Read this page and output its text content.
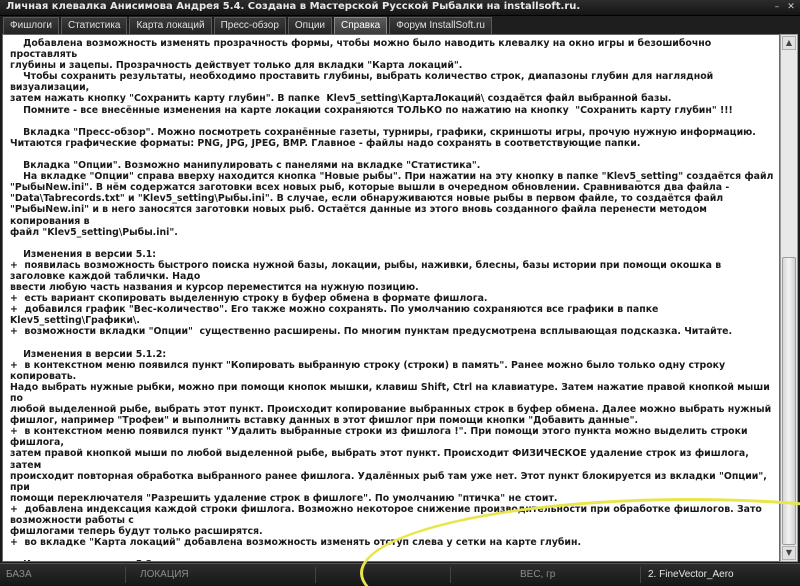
Личная клевалка Анисимова Андрея 5.4. Создана в Мастерской Русской Рыбалки на installsoft.ru.	– ✕
Фишлоги	Статистика	Карта локаций	Пресс-обзор	Опции	Справка	Форум InstallSoft.ru
Добавлена возможность изменять прозрачность формы, чтобы можно было наводить клевалку на окно игры и безошибочно проставлять
глубины и зацепы. Прозрачность действует только для вкладки "Карта локаций".
Чтобы сохранить результаты, необходимо проставить глубины, выбрать количество строк, диапазоны глубин для наглядной визуализации,
затем нажать кнопку "Сохранить карту глубин". В папке  Klev5_setting\КартаЛокаций\ создаётся файл выбранной базы.
Помните - все внесённые изменения на карте локации сохраняются ТОЛЬКО по нажатию на кнопку  "Сохранить карту глубин" !!!

Вкладка "Пресс-обзор". Можно посмотреть сохранённые газеты, турниры, графики, скриншоты игры, прочую нужную информацию.
Читаются графические форматы: PNG, JPG, JPEG, BMP. Главное - файлы надо сохранять в соответствующие папки.

Вкладка "Опции". Возможно манипулировать с панелями на вкладке "Статистика".
На вкладке "Опции" справа вверху находится кнопка "Новые рыбы". При нажатии на эту кнопку в папке "Klev5_setting" создаётся файл
"РыбыNew.ini". В нём содержатся заготовки всех новых рыб, которые вышли в очередном обновлении. Сравниваются два файла -
"Data\Tabrecords.txt" и "Klev5_setting\Рыбы.ini". В случае, если обнаруживаются новые рыбы в первом файле, то создаётся файл
"РыбыNew.ini" и в него заносятся заготовки новых рыб. Остаётся данные из этого вновь созданного файла перенести методом копирования в
файл "Klev5_setting\Рыбы.ini".

Изменения в версии 5.1:
+  появилась возможность быстрого поиска нужной базы, локации, рыбы, наживки, блесны, базы истории при помощи окошка в заголовке каждой таблички. Надо
ввести любую часть названия и курсор переместится на нужную позицию.
+  есть вариант скопировать выделенную строку в буфер обмена в формате фишлога.
+  добавился график "Вес-количество". Его также можно сохранять. По умолчанию сохраняются все графики в папке Klev5_setting\Графики\.
+  возможности вкладки "Опции"  существенно расширены. По многим пунктам предусмотрена всплывающая подсказка. Читайте.

Изменения в версии 5.1.2:
+  в контекстном меню появился пункт "Копировать выбранную строку (строки) в память". Ранее можно было только одну строку копировать.
Надо выбрать нужные рыбки, можно при помощи кнопок мышки, клавиш Shift, Ctrl на клавиатуре. Затем нажатие правой кнопкой мыши по
любой выделенной рыбе, выбрать этот пункт. Происходит копирование выбранных строк в буфер обмена. Далее можно выбрать нужный
фишлог, например "Трофеи" и выполнить вставку данных в этот фишлог при помощи кнопки "Добавить данные".
+  в контекстном меню появился пункт "Удалить выбранные строки из фишлога !". При помощи этого пункта можно выделить строки фишлога,
затем правой кнопкой мыши по любой выделенной рыбе, выбрать этот пункт. Происходит ФИЗИЧЕСКОЕ удаление строк из фишлога, затем
происходит повторная обработка выбранного ранее фишлога. Удалённых рыб там уже нет. Этот пункт блокируется из вкладки "Опции", при
помощи переключателя "Разрешить удаление строк в фишлоге". По умолчанию "птичка" не стоит.
+  добавлена индексация каждой строки фишлога. Возможно некоторое снижение производительности при обработке фишлогов. Зато возможности работы с
фишлогами теперь будут только расширятся.
+  во вкладке "Карта локаций" добавлена возможность изменять отступ слева у сетки на карте глубин.

▲
▼
БАЗА	ЛОКАЦИЯ	ВЕС, гр	2. FineVector_Aero
